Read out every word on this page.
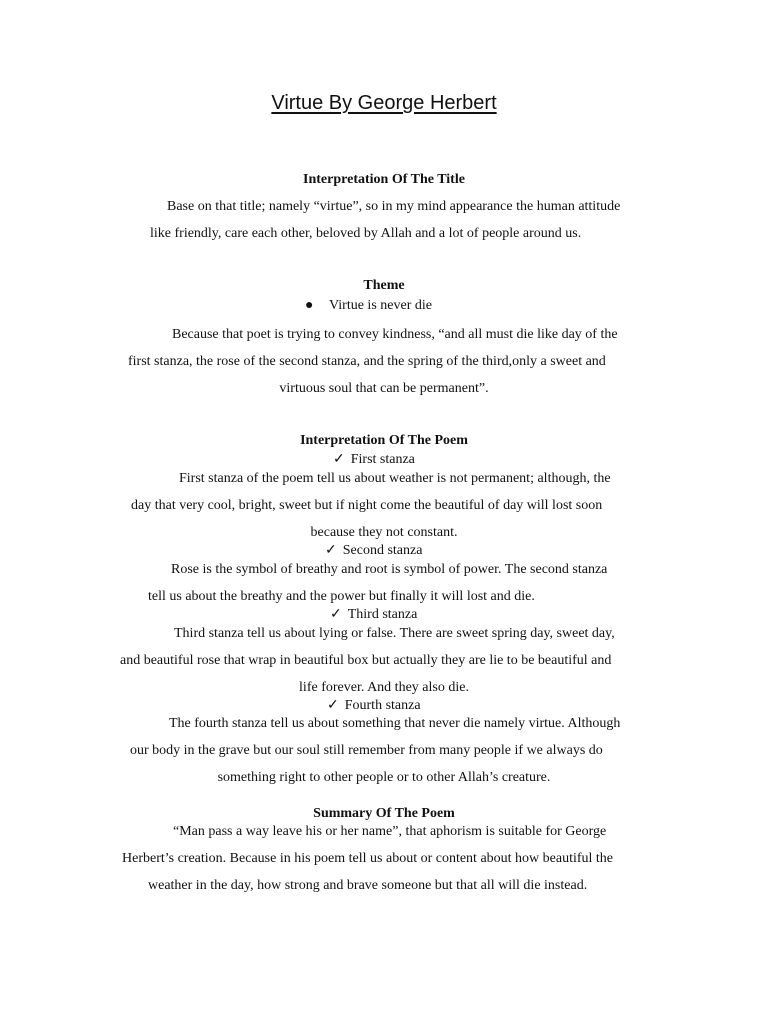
Virtue By George Herbert
Interpretation Of The Title
Base on that title; namely “virtue”, so in my mind appearance the human attitude
like friendly, care each other, beloved by Allah and a lot of people around us.
Theme
● Virtue is never die
Because that poet is trying to convey kindness, “and all must die like day of the
first stanza, the rose of the second stanza, and the spring of the third,only a sweet and
virtuous soul that can be permanent”.
Interpretation Of The Poem
✓ First stanza
First stanza of the poem tell us about weather is not permanent; although, the
day that very cool, bright, sweet but if night come the beautiful of day will lost soon
because they not constant.
✓ Second stanza
Rose is the symbol of breathy and root is symbol of power. The second stanza
tell us about the breathy and the power but finally it will lost and die.
✓ Third stanza
Third stanza tell us about lying or false. There are sweet spring day, sweet day,
and beautiful rose that wrap in beautiful box but actually they are lie to be beautiful and
life forever. And they also die.
✓ Fourth stanza
The fourth stanza tell us about something that never die namely virtue. Although
our body in the grave but our soul still remember from many people if we always do
something right to other people or to other Allah’s creature.
Summary Of The Poem
“Man pass a way leave his or her name”, that aphorism is suitable for George
Herbert’s creation. Because in his poem tell us about or content about how beautiful the
weather in the day, how strong and brave someone but that all will die instead.
